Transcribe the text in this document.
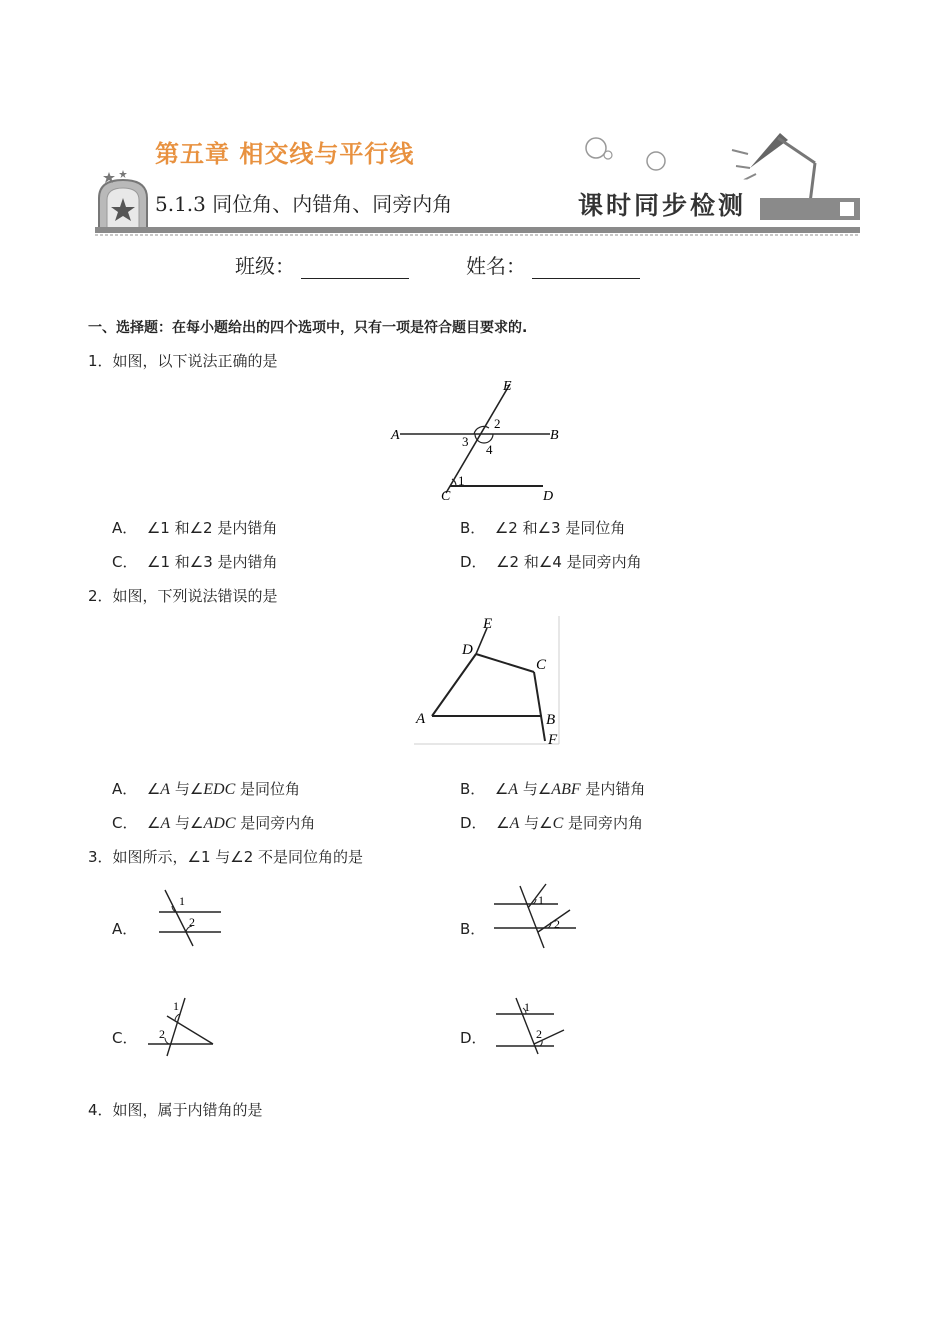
第五章 相交线与平行线
5.1.3 同位角、内错角、同旁内角	课时同步检测
班级：	姓名：
一、选择题：在每小题给出的四个选项中，只有一项是符合题目要求的.
1．如图，以下说法正确的是
E
A	B
C	D
2
3
4
1
A． ∠1 和∠2 是内错角	B． ∠2 和∠3 是同位角
C． ∠1 和∠3 是内错角	D． ∠2 和∠4 是同旁内角
2．如图，下列说法错误的是
E
D
C
A	B
F
A． ∠A 与∠EDC 是同位角	B． ∠A 与∠ABF 是内错角
C． ∠A 与∠ADC 是同旁内角	D． ∠A 与∠C 是同旁内角
3．如图所示，∠1 与∠2 不是同位角的是
A．
1
2	B．
1
2
C．
1
2	D．
1
2
4．如图，属于内错角的是
